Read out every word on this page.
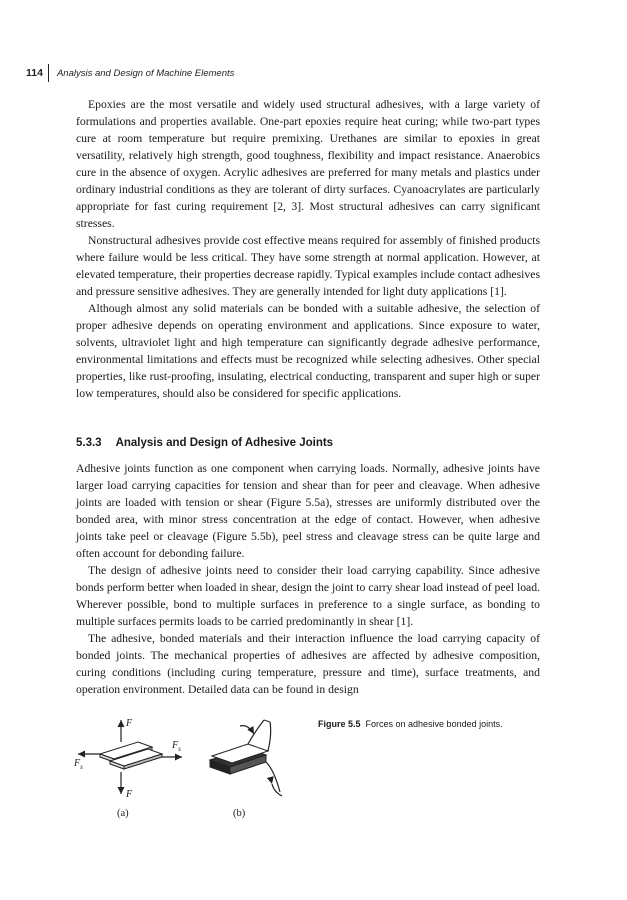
114 Analysis and Design of Machine Elements

Epoxies are the most versatile and widely used structural adhesives, with a large variety of formulations and properties available. One-part epoxies require heat curing; while two-part types cure at room temperature but require premixing. Urethanes are similar to epoxies in great versatility, relatively high strength, good toughness, flexibility and impact resistance. Anaerobics cure in the absence of oxygen. Acrylic adhesives are preferred for many metals and plastics under ordinary industrial conditions as they are tolerant of dirty surfaces. Cyanoacrylates are particularly appropriate for fast curing requirement [2, 3]. Most structural adhesives can carry significant stresses.

Nonstructural adhesives provide cost effective means required for assembly of finished products where failure would be less critical. They have some strength at normal application. However, at elevated temperature, their properties decrease rapidly. Typical examples include contact adhesives and pressure sensitive adhesives. They are generally intended for light duty applications [1].

Although almost any solid materials can be bonded with a suitable adhesive, the selection of proper adhesive depends on operating environment and applications. Since exposure to water, solvents, ultraviolet light and high temperature can significantly degrade adhesive performance, environmental limitations and effects must be recognized while selecting adhesives. Other special properties, like rust-proofing, insulating, electrical conducting, transparent and super high or super low temperatures, should also be considered for specific applications.

5.3.3 Analysis and Design of Adhesive Joints

Adhesive joints function as one component when carrying loads. Normally, adhesive joints have larger load carrying capacities for tension and shear than for peer and cleavage. When adhesive joints are loaded with tension or shear (Figure 5.5a), stresses are uniformly distributed over the bonded area, with minor stress concentration at the edge of contact. However, when adhesive joints take peel or cleavage (Figure 5.5b), peel stress and cleavage stress can be quite large and often account for debonding failure.

The design of adhesive joints need to consider their load carrying capability. Since adhesive bonds perform better when loaded in shear, design the joint to carry shear load instead of peel load. Wherever possible, bond to multiple surfaces in preference to a single surface, as bonding to multiple surfaces permits loads to be carried predominantly in shear [1].

The adhesive, bonded materials and their interaction influence the load carrying capacity of bonded joints. The mechanical properties of adhesives are affected by adhesive composition, curing conditions (including curing temperature, pressure and time), surface treatments, and operation environment. Detailed data can be found in design

F
F
$F_s$
$F_s$
(a)	(b)
Figure 5.5 Forces on adhesive bonded joints.
